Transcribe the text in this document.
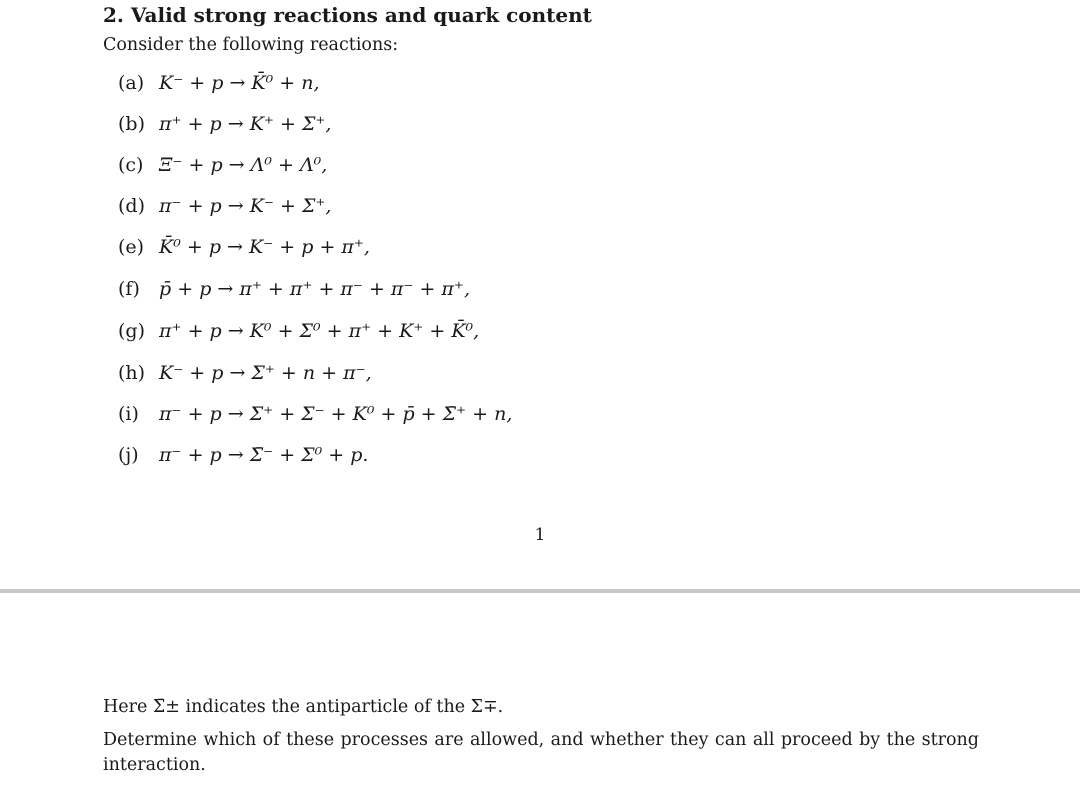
2. Valid strong reactions and quark content
Consider the following reactions:
(a) K⁻ + p → K̄⁰ + n,
(b) π⁺ + p → K⁺ + Σ⁺,
(c) Ξ⁻ + p → Λ⁰ + Λ⁰,
(d) π⁻ + p → K⁻ + Σ⁺,
(e) K̄⁰ + p → K⁻ + p + π⁺,
(f) p̄ + p → π⁺ + π⁺ + π⁻ + π⁻ + π⁺,
(g) π⁺ + p → K⁰ + Σ⁰ + π⁺ + K⁺ + K̄⁰,
(h) K⁻ + p → Σ⁺ + n + π⁻,
(i) π⁻ + p → Σ⁺ + Σ⁻ + K⁰ + p̄ + Σ̄⁺ + n,
(j) π⁻ + p → Σ̄⁻ + Σ⁰ + p.
1
Here Σ̄± indicates the antiparticle of the Σ∓.
Determine which of these processes are allowed, and whether they can all proceed by the strong interaction.
